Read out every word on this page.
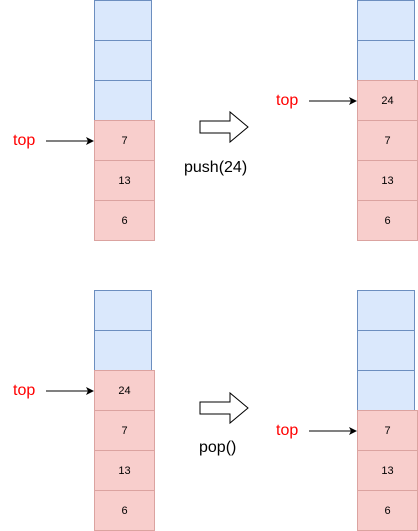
7
13
6
24
7
13
6
24
7
13
6
7
13
6
top
top
top
top
push(24)
pop()
